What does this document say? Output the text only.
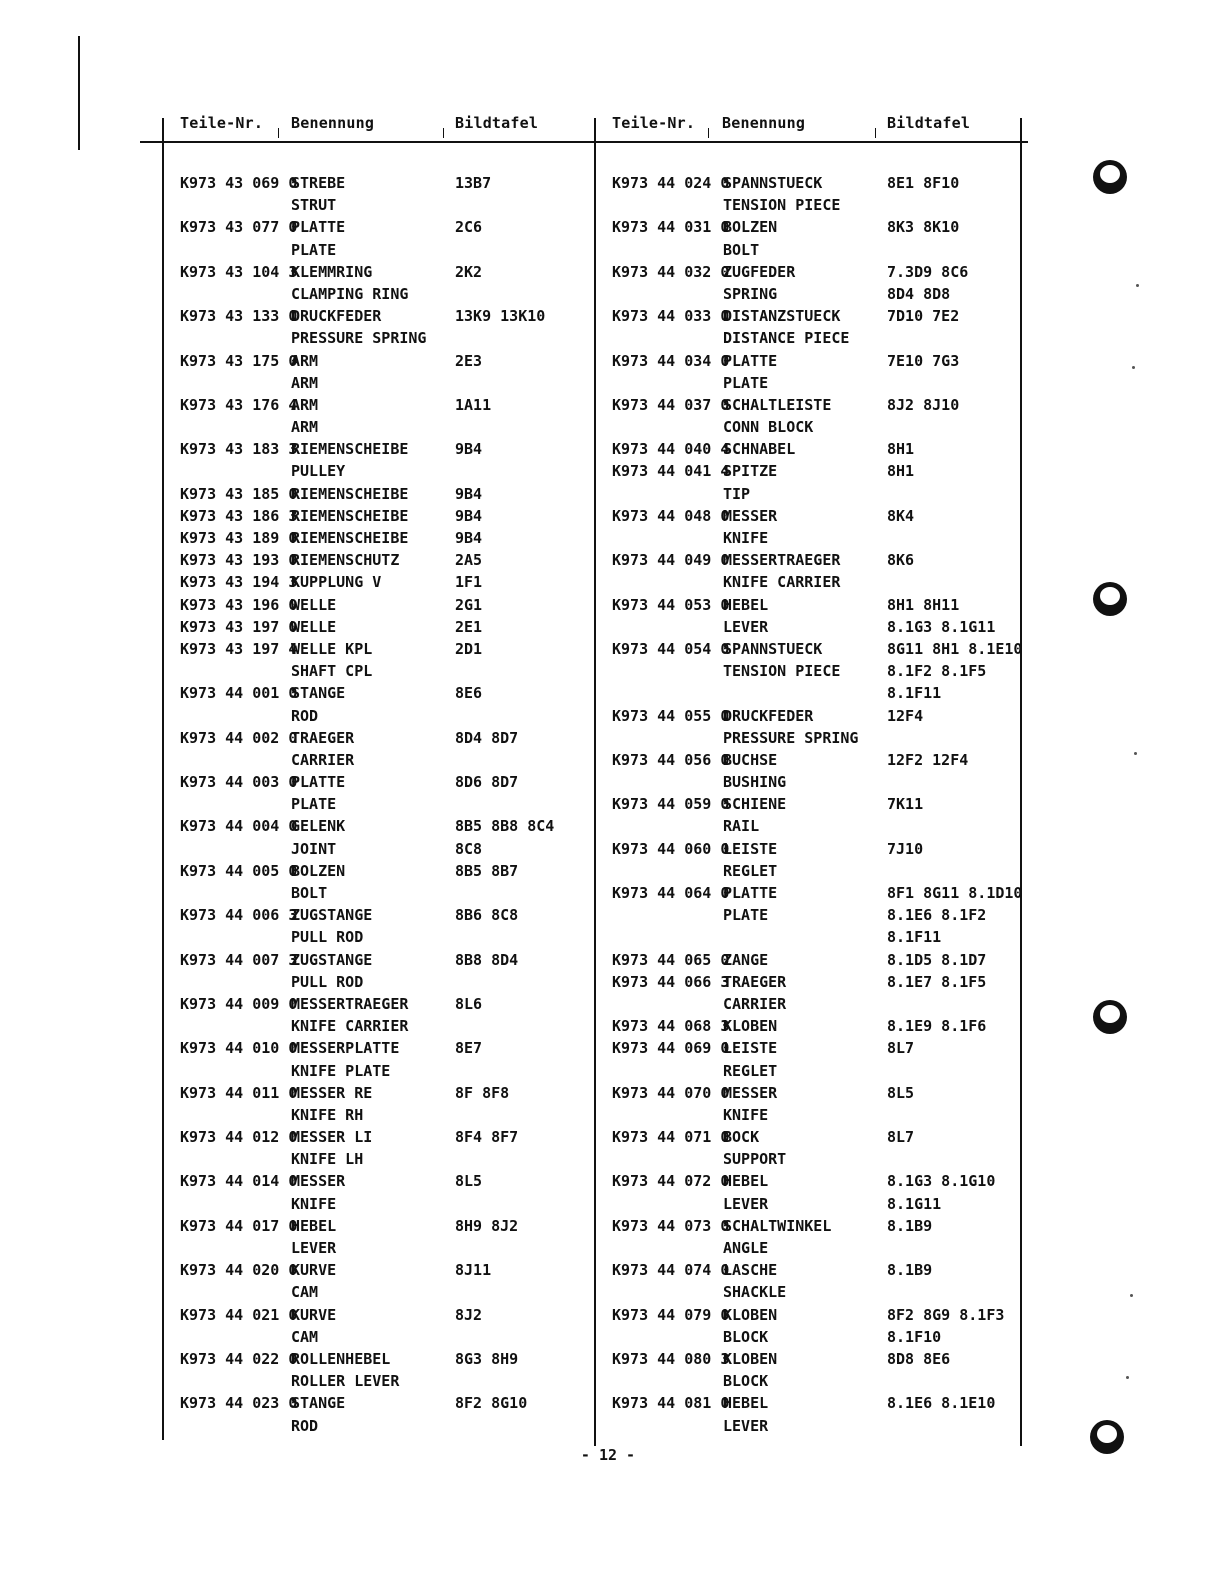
Teile-Nr. Benennung	Bildtafel	Teile-Nr. Benennung	Bildtafel
K973 43 069 0
STREBE	13B7
STRUT
K973 43 077 0
PLATTE	2C6
PLATE
K973 43 104 3
KLEMMRING	2K2
CLAMPING RING
K973 43 133 0
DRUCKFEDER	13K9 13K10
PRESSURE SPRING
K973 43 175 0
ARM	2E3
ARM
K973 43 176 4
ARM	1A11
ARM
K973 43 183 3
RIEMENSCHEIBE	9B4
PULLEY
K973 43 185 0
RIEMENSCHEIBE	9B4
K973 43 186 3
RIEMENSCHEIBE	9B4
K973 43 189 0
RIEMENSCHEIBE	9B4
K973 43 193 0
RIEMENSCHUTZ	2A5
K973 43 194 3
KUPPLUNG V	1F1
K973 43 196 0
WELLE	2G1
K973 43 197 0
WELLE	2E1
K973 43 197 4
WELLE KPL	2D1
SHAFT CPL
K973 44 001 0
STANGE	8E6
ROD
K973 44 002 0
TRAEGER	8D4 8D7
CARRIER
K973 44 003 0
PLATTE	8D6 8D7
PLATE
K973 44 004 0
GELENK	8B5 8B8 8C4
JOINT	8C8
K973 44 005 0
BOLZEN	8B5 8B7
BOLT
K973 44 006 3
ZUGSTANGE	8B6 8C8
PULL ROD
K973 44 007 3
ZUGSTANGE	8B8 8D4
PULL ROD
K973 44 009 0
MESSERTRAEGER	8L6
KNIFE CARRIER
K973 44 010 0
MESSERPLATTE	8E7
KNIFE PLATE
K973 44 011 0
MESSER RE	8F 8F8
KNIFE RH
K973 44 012 0
MESSER LI	8F4 8F7
KNIFE LH
K973 44 014 0
MESSER	8L5
KNIFE
K973 44 017 0
HEBEL	8H9 8J2
LEVER
K973 44 020 0
KURVE	8J11
CAM
K973 44 021 0
KURVE	8J2
CAM
K973 44 022 0
ROLLENHEBEL	8G3 8H9
ROLLER LEVER
K973 44 023 0
STANGE	8F2 8G10
ROD
K973 44 024 0
SPANNSTUECK	8E1 8F10
TENSION PIECE
K973 44 031 0
BOLZEN	8K3 8K10
BOLT
K973 44 032 0
ZUGFEDER	7.3D9 8C6
SPRING	8D4 8D8
K973 44 033 0
DISTANZSTUECK	7D10 7E2
DISTANCE PIECE
K973 44 034 0
PLATTE	7E10 7G3
PLATE
K973 44 037 0
SCHALTLEISTE	8J2 8J10
CONN BLOCK
K973 44 040 4
SCHNABEL	8H1
K973 44 041 4
SPITZE	8H1
TIP
K973 44 048 0
MESSER	8K4
KNIFE
K973 44 049 0
MESSERTRAEGER	8K6
KNIFE CARRIER
K973 44 053 0
HEBEL	8H1 8H11
LEVER	8.1G3 8.1G11
K973 44 054 0
SPANNSTUECK	8G11 8H1 8.1E10
TENSION PIECE	8.1F2 8.1F5
8.1F11
K973 44 055 0
DRUCKFEDER	12F4
PRESSURE SPRING
K973 44 056 0
BUCHSE	12F2 12F4
BUSHING
K973 44 059 0
SCHIENE	7K11
RAIL
K973 44 060 0
LEISTE	7J10
REGLET
K973 44 064 0
PLATTE	8F1 8G11 8.1D10
PLATE	8.1E6 8.1F2
8.1F11
K973 44 065 0
ZANGE	8.1D5 8.1D7
K973 44 066 3
TRAEGER	8.1E7 8.1F5
CARRIER
K973 44 068 3
KLOBEN	8.1E9 8.1F6
K973 44 069 0
LEISTE	8L7
REGLET
K973 44 070 0
MESSER	8L5
KNIFE
K973 44 071 0
BOCK	8L7
SUPPORT
K973 44 072 0
HEBEL	8.1G3 8.1G10
LEVER	8.1G11
K973 44 073 0
SCHALTWINKEL	8.1B9
ANGLE
K973 44 074 0
LASCHE	8.1B9
SHACKLE
K973 44 079 0
KLOBEN	8F2 8G9 8.1F3
BLOCK	8.1F10
K973 44 080 3
KLOBEN	8D8 8E6
BLOCK
K973 44 081 0
HEBEL	8.1E6 8.1E10
LEVER
- 12 -
